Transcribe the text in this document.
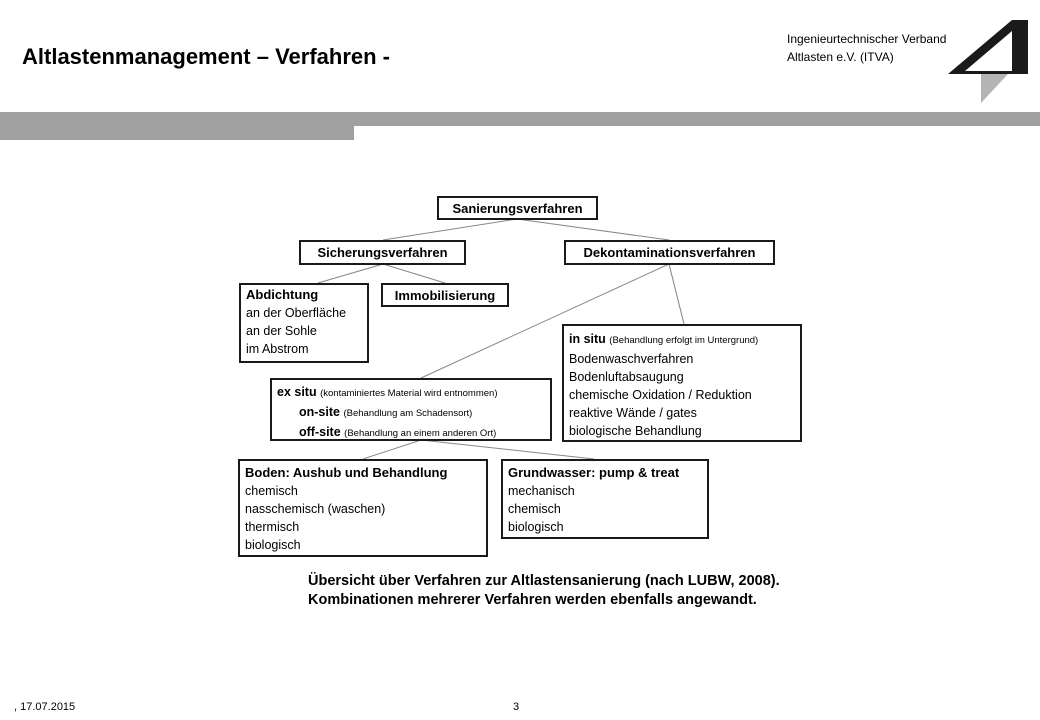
Altlastenmanagement – Verfahren -
Ingenieurtechnischer Verband
Altlasten e.V. (ITVA)
Sanierungsverfahren
Sicherungsverfahren	Dekontaminationsverfahren
Abdichtung
an der Oberfläche
an der Sohle
im Abstrom
Immobilisierung
in situ (Behandlung erfolgt im Untergrund)
Bodenwaschverfahren
Bodenluftabsaugung
chemische Oxidation / Reduktion
reaktive Wände / gates
biologische Behandlung
ex situ (kontaminiertes Material wird entnommen)
on-site (Behandlung am Schadensort)
off-site (Behandlung an einem anderen Ort)
Boden: Aushub und Behandlung
chemisch
nasschemisch (waschen)
thermisch
biologisch
Grundwasser: pump & treat
mechanisch
chemisch
biologisch
Übersicht über Verfahren zur Altlastensanierung (nach LUBW, 2008).
Kombinationen mehrerer Verfahren werden ebenfalls angewandt.
, 17.07.2015	3
